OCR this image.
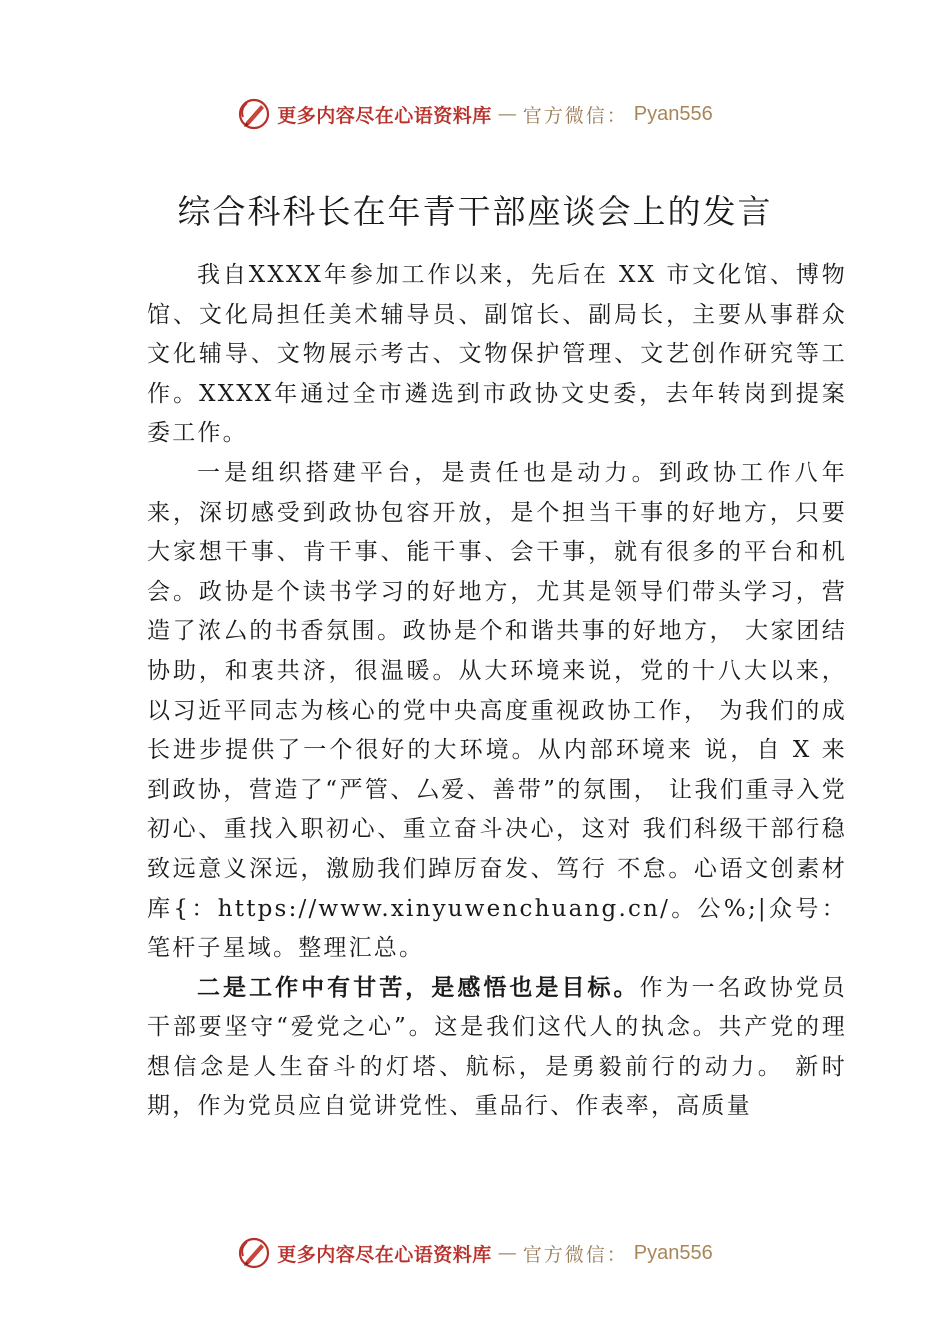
更多内容尽在心语资料库 — 官方微信： Pyan556
综合科科长在年青干部座谈会上的发言

我自XXXX年参加工作以来，先后在 XX 市文化馆、博物馆、文化局担任美术辅导员、副馆长、副局长，主要从事群众文化辅导、文物展示考古、文物保护管理、文艺创作研究等工作。XXXX年通过全市遴选到市政协文史委，去年转岗到提案委工作。

一是组织搭建平台，是责任也是动力。到政协工作八年来，深切感受到政协包容开放，是个担当干事的好地方，只要大家想干事、肯干事、能干事、会干事，就有很多的平台和机会。政协是个读书学习的好地方，尤其是领导们带头学习，营造了浓厶的书香氛围。政协是个和谐共事的好地方， 大家团结协助，和衷共济，很温暖。从大环境来说，党的十八大以来，以习近平同志为核心的党中央高度重视政协工作， 为我们的成长进步提供了一个很好的大环境。从内部环境来 说，自 X 来到政协，营造了“严管、厶爱、善带”的氛围， 让我们重寻入党初心、重找入职初心、重立奋斗决心，这对 我们科级干部行稳致远意义深远，激励我们踔厉奋发、笃行 不怠。心语文创素材库{：https://www.xinyuwenchuang.cn/。公%;|众号：笔杆子星域。整理汇总。

二是工作中有甘苦，是感悟也是目标。作为一名政协党员干部要坚守“爱党之心”。这是我们这代人的执念。共产党的理想信念是人生奋斗的灯塔、航标，是勇毅前行的动力。 新时期，作为党员应自觉讲党性、重品行、作表率，高质量

更多内容尽在心语资料库 — 官方微信： Pyan556
